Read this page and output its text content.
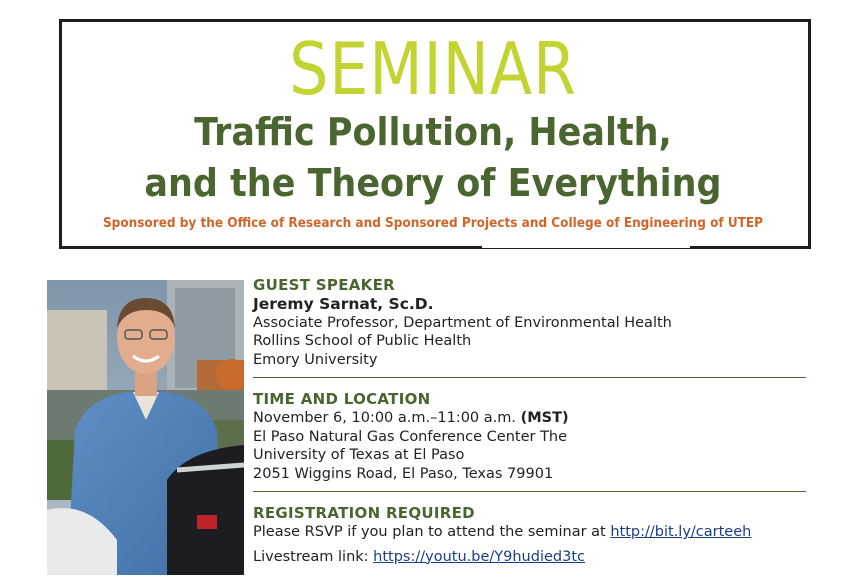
SEMINAR
Traffic Pollution, Health,
and the Theory of Everything
Sponsored by the Office of Research and Sponsored Projects and College of Engineering of UTEP
GUEST SPEAKER
Jeremy Sarnat, Sc.D.
Associate Professor, Department of Environmental Health
Rollins School of Public Health
Emory University
TIME AND LOCATION
November 6, 10:00 a.m.–11:00 a.m. (MST)
El Paso Natural Gas Conference Center The
University of Texas at El Paso
2051 Wiggins Road, El Paso, Texas 79901
REGISTRATION REQUIRED
Please RSVP if you plan to attend the seminar at http://bit.ly/carteeh
Livestream link: https://youtu.be/Y9hudied3tc
